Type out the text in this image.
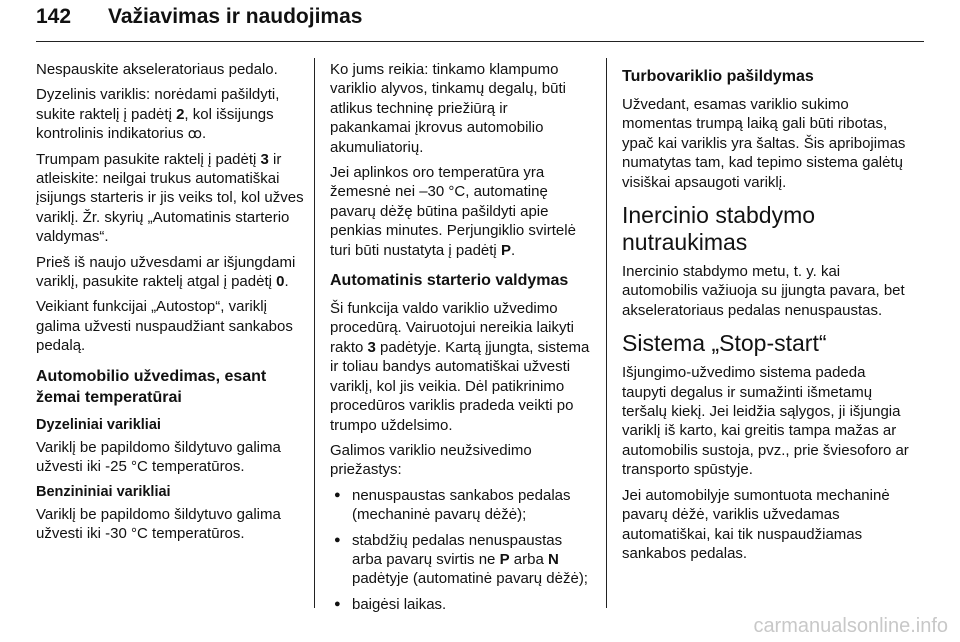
142 Važiavimas ir naudojimas

Nespauskite akseleratoriaus pedalo.

Dyzelinis variklis: norėdami pašildyti, sukite raktelį į padėtį 2, kol išsijungs kontrolinis indikatorius ꝏ.

Trumpam pasukite raktelį į padėtį 3 ir atleiskite: neilgai trukus automatiškai įsijungs starteris ir jis veiks tol, kol užves variklį. Žr. skyrių „Automatinis starterio valdymas“.

Prieš iš naujo užvesdami ar išjungdami variklį, pasukite raktelį atgal į padėtį 0.

Veikiant funkcijai „Autostop“, variklį galima užvesti nuspaudžiant sankabos pedalą.

Automobilio užvedimas, esant žemai temperatūrai
Dyzeliniai varikliai

Variklį be papildomo šildytuvo galima užvesti iki -25 °C temperatūros.

Benzininiai varikliai

Variklį be papildomo šildytuvo galima užvesti iki -30 °C temperatūros.

Ko jums reikia: tinkamo klampumo variklio alyvos, tinkamų degalų, būti atlikus techninę priežiūrą ir pakankamai įkrovus automobilio akumuliatorių.

Jei aplinkos oro temperatūra yra žemesnė nei –30 °C, automatinę pavarų dėžę būtina pašildyti apie penkias minutes. Perjungiklio svirtelė turi būti nustatyta į padėtį P.

Automatinis starterio valdymas

Ši funkcija valdo variklio užvedimo procedūrą. Vairuotojui nereikia laikyti rakto 3 padėtyje. Kartą įjungta, sistema ir toliau bandys automatiškai užvesti variklį, kol jis veikia. Dėl patikrinimo procedūros variklis pradeda veikti po trumpo uždelsimo.

Galimos variklio neužsivedimo priežastys:

● nenuspaustas sankabos pedalas (mechaninė pavarų dėžė);
● stabdžių pedalas nenuspaustas arba pavarų svirtis ne P arba N padėtyje (automatinė pavarų dėžė);
● baigėsi laikas.
Turbovariklio pašildymas

Užvedant, esamas variklio sukimo momentas trumpą laiką gali būti ribotas, ypač kai variklis yra šaltas. Šis apribojimas numatytas tam, kad tepimo sistema galėtų visiškai apsaugoti variklį.

Inercinio stabdymo nutraukimas

Inercinio stabdymo metu, t. y. kai automobilis važiuoja su įjungta pavara, bet akseleratoriaus pedalas nenuspaustas.

Sistema „Stop-start“

Išjungimo-užvedimo sistema padeda taupyti degalus ir sumažinti išmetamų teršalų kiekį. Jei leidžia sąlygos, ji išjungia variklį iš karto, kai greitis tampa mažas ar automobilis sustoja, pvz., prie šviesoforo ar transporto spūstyje.

Jei automobilyje sumontuota mechaninė pavarų dėžė, variklis užvedamas automatiškai, kai tik nuspaudžiamas sankabos pedalas.

carmanualsonline.info
